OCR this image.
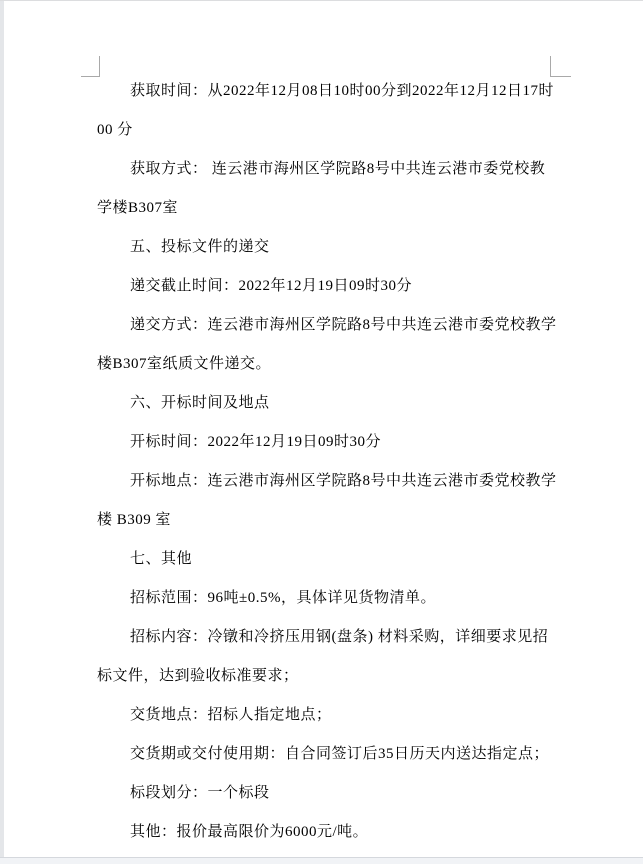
获取时间：从2022年12月08日10时00分到2022年12月12日17时
00 分
获取方式： 连云港市海州区学院路8号中共连云港市委党校教
学楼B307室
五、投标文件的递交
递交截止时间：2022年12月19日09时30分
递交方式：连云港市海州区学院路8号中共连云港市委党校教学
楼B307室纸质文件递交。
六、开标时间及地点
开标时间：2022年12月19日09时30分
开标地点：连云港市海州区学院路8号中共连云港市委党校教学
楼 B309 室
七、其他
招标范围：96吨±0.5%，具体详见货物清单。
招标内容：冷镦和冷挤压用钢(盘条) 材料采购，详细要求见招
标文件，达到验收标准要求；
交货地点：招标人指定地点；
交货期或交付使用期：自合同签订后35日历天内送达指定点；
标段划分：一个标段
其他：报价最高限价为6000元/吨。
